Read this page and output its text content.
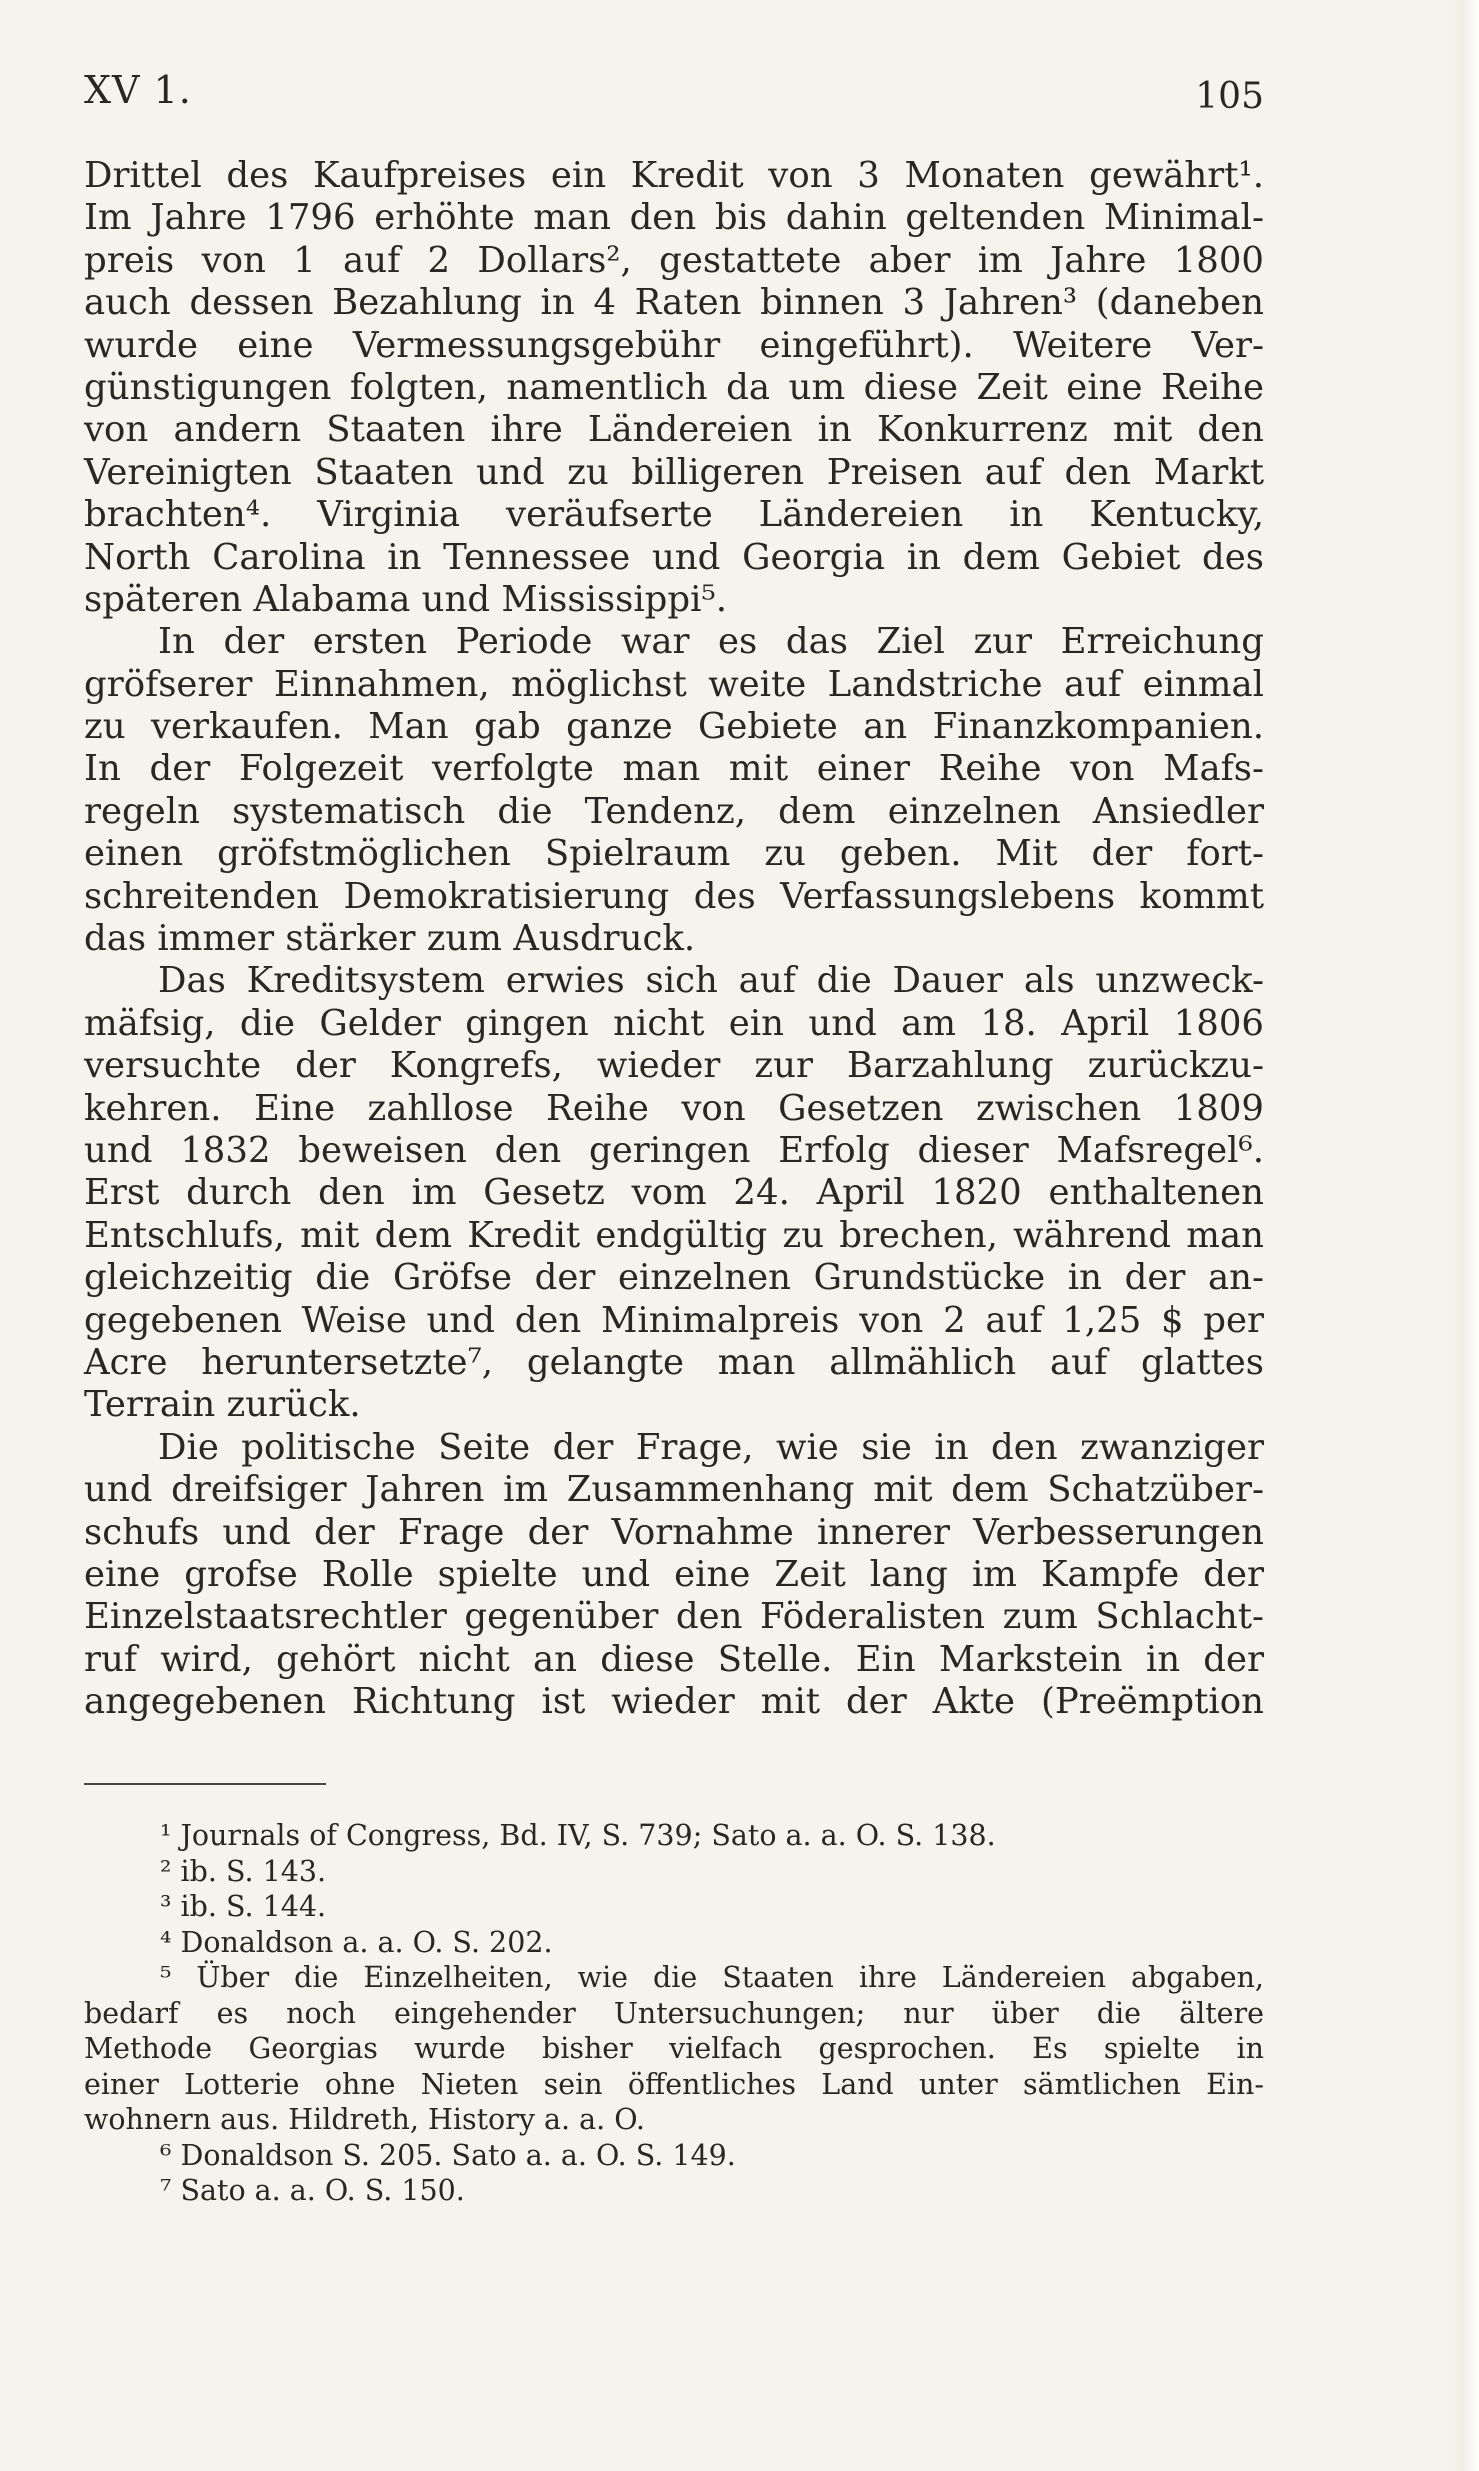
XV 1.	105
Drittel des Kaufpreises ein Kredit von 3 Monaten gewährt¹.
Im Jahre 1796 erhöhte man den bis dahin geltenden Minimal-
preis von 1 auf 2 Dollars², gestattete aber im Jahre 1800
auch dessen Bezahlung in 4 Raten binnen 3 Jahren³ (daneben
wurde eine Vermessungsgebühr eingeführt). Weitere Ver-
günstigungen folgten, namentlich da um diese Zeit eine Reihe
von andern Staaten ihre Ländereien in Konkurrenz mit den
Vereinigten Staaten und zu billigeren Preisen auf den Markt
brachten⁴. Virginia veräufserte Ländereien in Kentucky,
North Carolina in Tennessee und Georgia in dem Gebiet des
späteren Alabama und Mississippi⁵.
In der ersten Periode war es das Ziel zur Erreichung
gröfserer Einnahmen, möglichst weite Landstriche auf einmal
zu verkaufen. Man gab ganze Gebiete an Finanzkompanien.
In der Folgezeit verfolgte man mit einer Reihe von Mafs-
regeln systematisch die Tendenz, dem einzelnen Ansiedler
einen gröfstmöglichen Spielraum zu geben. Mit der fort-
schreitenden Demokratisierung des Verfassungslebens kommt
das immer stärker zum Ausdruck.
Das Kreditsystem erwies sich auf die Dauer als unzweck-
mäfsig, die Gelder gingen nicht ein und am 18. April 1806
versuchte der Kongrefs, wieder zur Barzahlung zurückzu-
kehren. Eine zahllose Reihe von Gesetzen zwischen 1809
und 1832 beweisen den geringen Erfolg dieser Mafsregel⁶.
Erst durch den im Gesetz vom 24. April 1820 enthaltenen
Entschlufs, mit dem Kredit endgültig zu brechen, während man
gleichzeitig die Gröfse der einzelnen Grundstücke in der an-
gegebenen Weise und den Minimalpreis von 2 auf 1,25 $ per
Acre heruntersetzte⁷, gelangte man allmählich auf glattes
Terrain zurück.
Die politische Seite der Frage, wie sie in den zwanziger
und dreifsiger Jahren im Zusammenhang mit dem Schatzüber-
schufs und der Frage der Vornahme innerer Verbesserungen
eine grofse Rolle spielte und eine Zeit lang im Kampfe der
Einzelstaatsrechtler gegenüber den Föderalisten zum Schlacht-
ruf wird, gehört nicht an diese Stelle. Ein Markstein in der
angegebenen Richtung ist wieder mit der Akte (Preëmption
¹ Journals of Congress, Bd. IV, S. 739; Sato a. a. O. S. 138.
² ib. S. 143.
³ ib. S. 144.
⁴ Donaldson a. a. O. S. 202.
⁵ Über die Einzelheiten, wie die Staaten ihre Ländereien abgaben,
bedarf es noch eingehender Untersuchungen; nur über die ältere
Methode Georgias wurde bisher vielfach gesprochen. Es spielte in
einer Lotterie ohne Nieten sein öffentliches Land unter sämtlichen Ein-
wohnern aus. Hildreth, History a. a. O.
⁶ Donaldson S. 205. Sato a. a. O. S. 149.
⁷ Sato a. a. O. S. 150.
